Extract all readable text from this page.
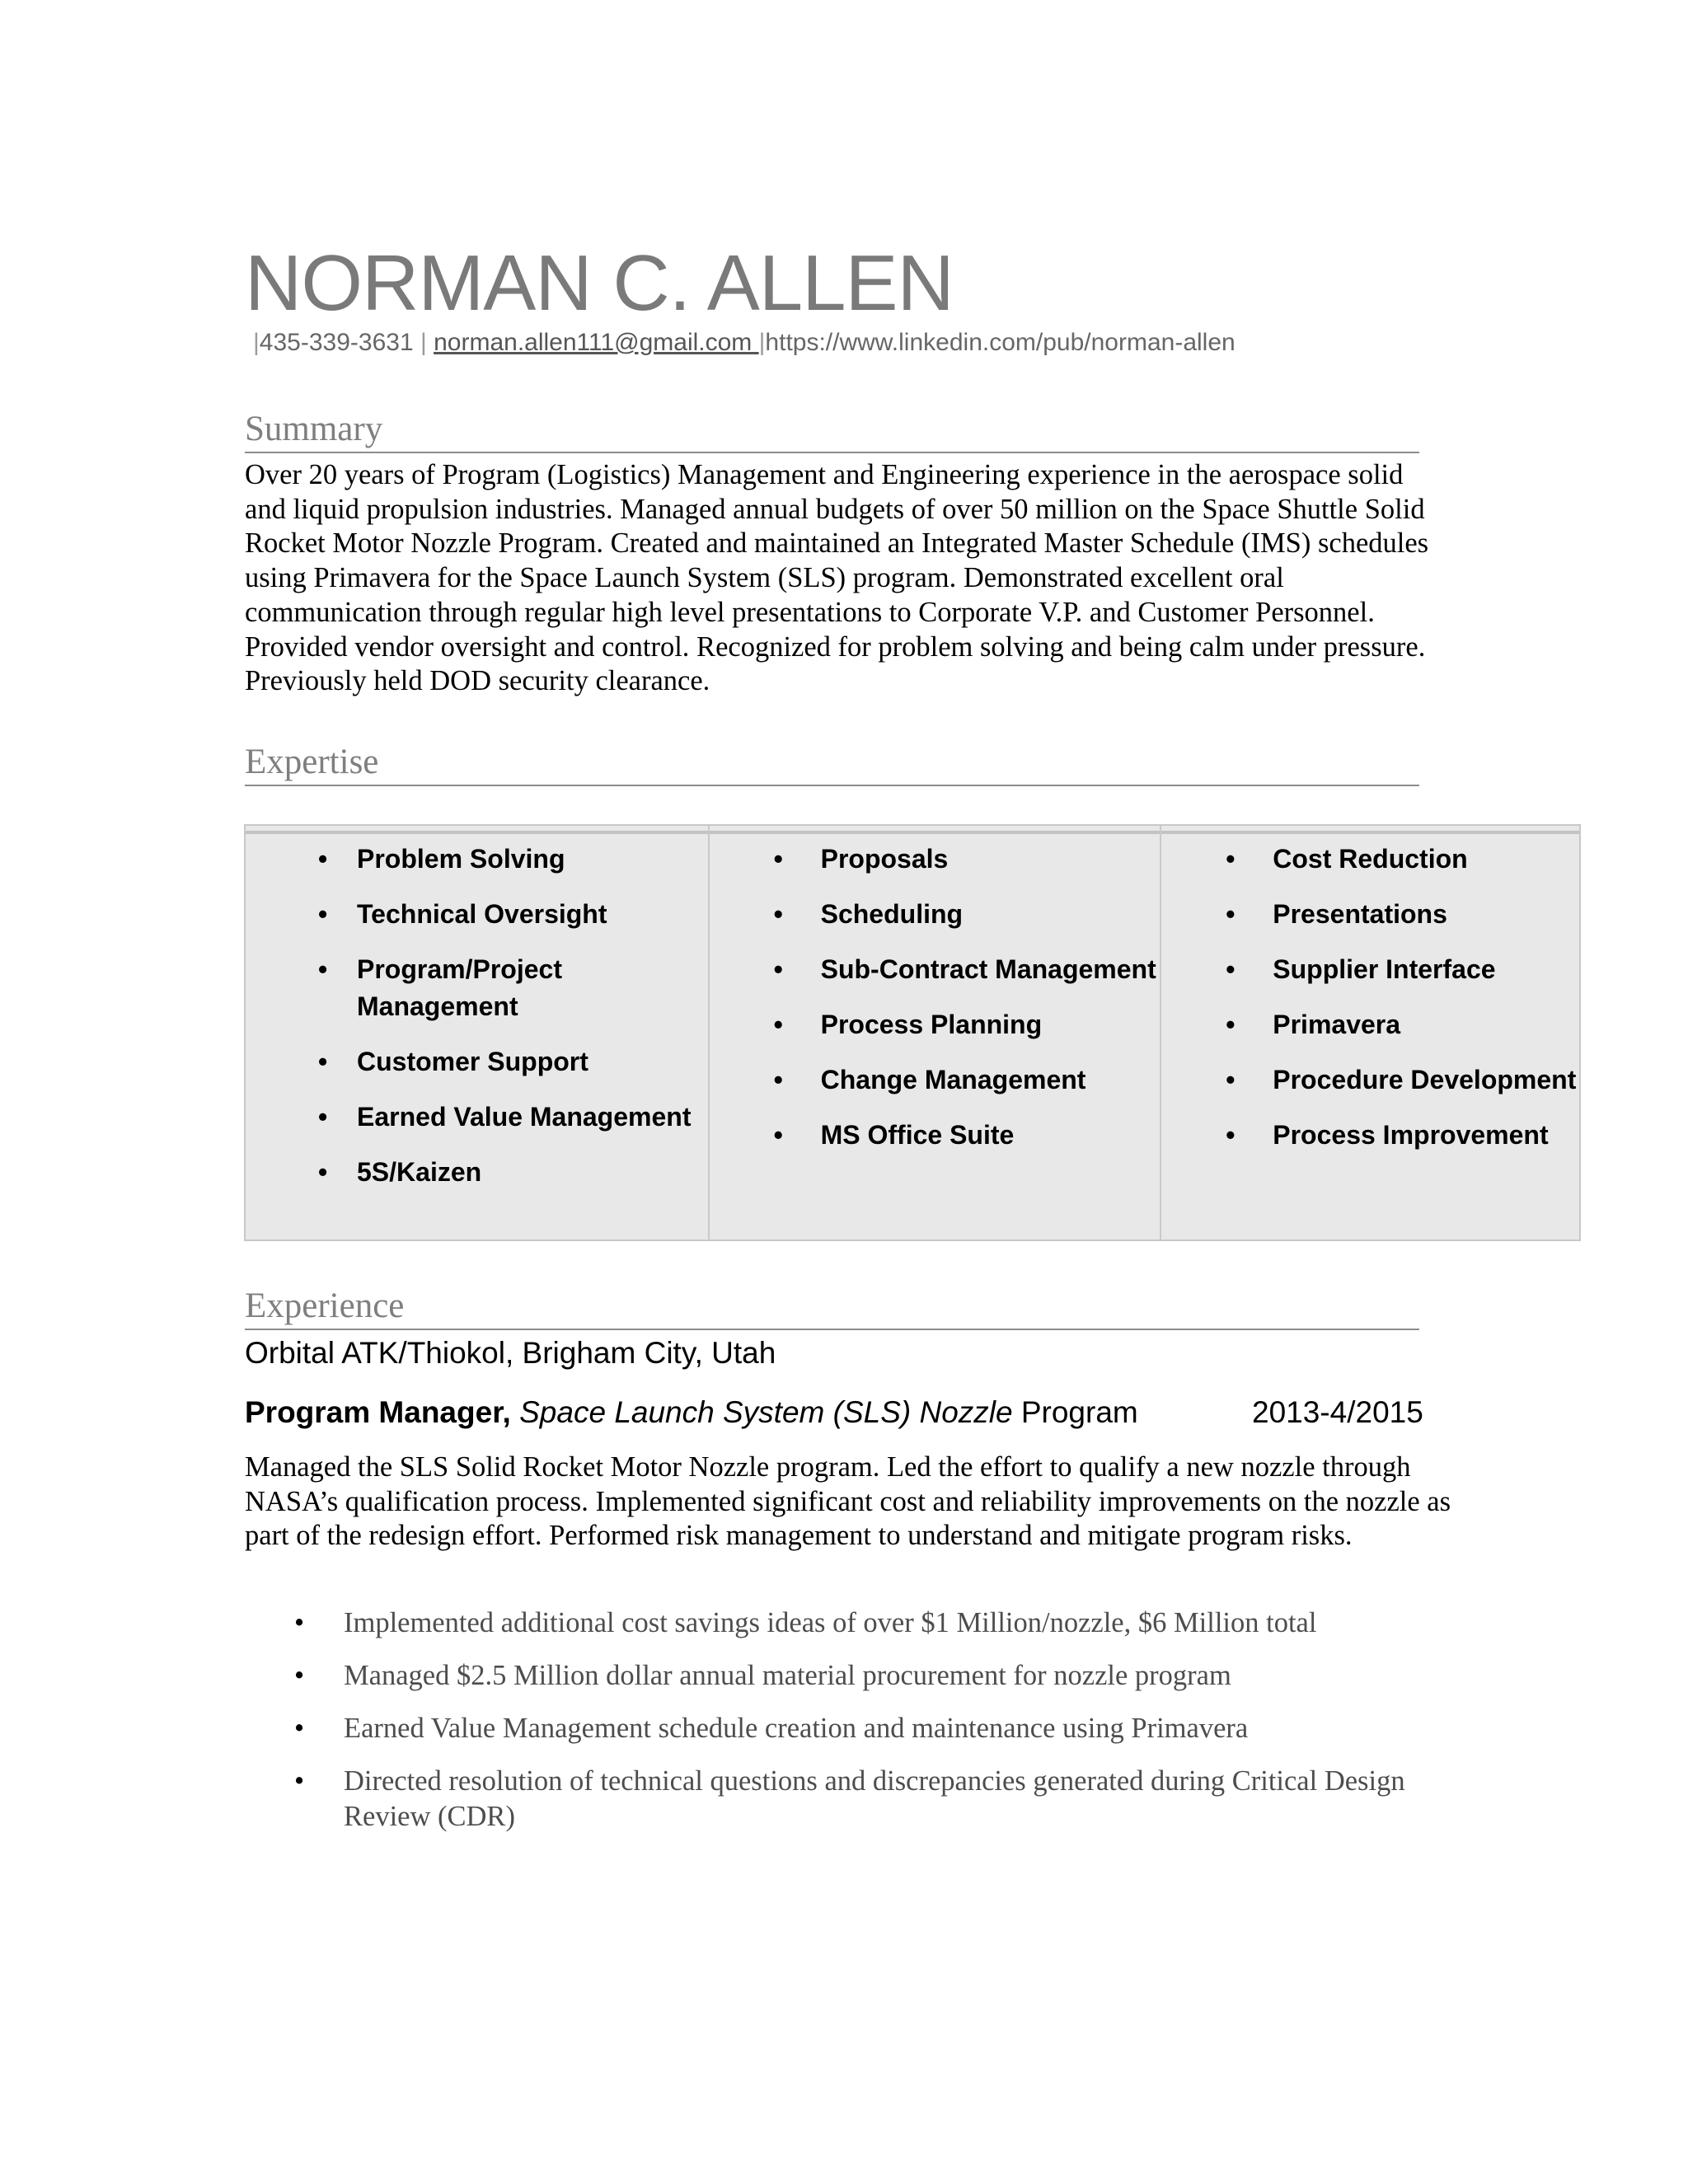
NORMAN C. ALLEN
|435-339-3631 | norman.allen111@gmail.com |https://www.linkedin.com/pub/norman-allen
Summary
Over 20 years of Program (Logistics) Management and Engineering experience in the aerospace solid and liquid propulsion industries. Managed annual budgets of over 50 million on the Space Shuttle Solid Rocket Motor Nozzle Program. Created and maintained an Integrated Master Schedule (IMS) schedules using Primavera for the Space Launch System (SLS) program. Demonstrated excellent oral communication through regular high level presentations to Corporate V.P. and Customer Personnel. Provided vendor oversight and control. Recognized for problem solving and being calm under pressure. Previously held DOD security clearance.
Expertise
• Problem Solving
• Technical Oversight
• Program/Project Management
• Customer Support
• Earned Value Management
• 5S/Kaizen
• Proposals
• Scheduling
• Sub-Contract Management
• Process Planning
• Change Management
• MS Office Suite
• Cost Reduction
• Presentations
• Supplier Interface
• Primavera
• Procedure Development
• Process Improvement
Experience
Orbital ATK/Thiokol, Brigham City, Utah
Program Manager, Space Launch System (SLS) Nozzle Program	2013-4/2015
Managed the SLS Solid Rocket Motor Nozzle program. Led the effort to qualify a new nozzle through NASA’s qualification process. Implemented significant cost and reliability improvements on the nozzle as part of the redesign effort. Performed risk management to understand and mitigate program risks.
• Implemented additional cost savings ideas of over $1 Million/nozzle, $6 Million total
• Managed $2.5 Million dollar annual material procurement for nozzle program
• Earned Value Management schedule creation and maintenance using Primavera
• Directed resolution of technical questions and discrepancies generated during Critical Design Review (CDR)
